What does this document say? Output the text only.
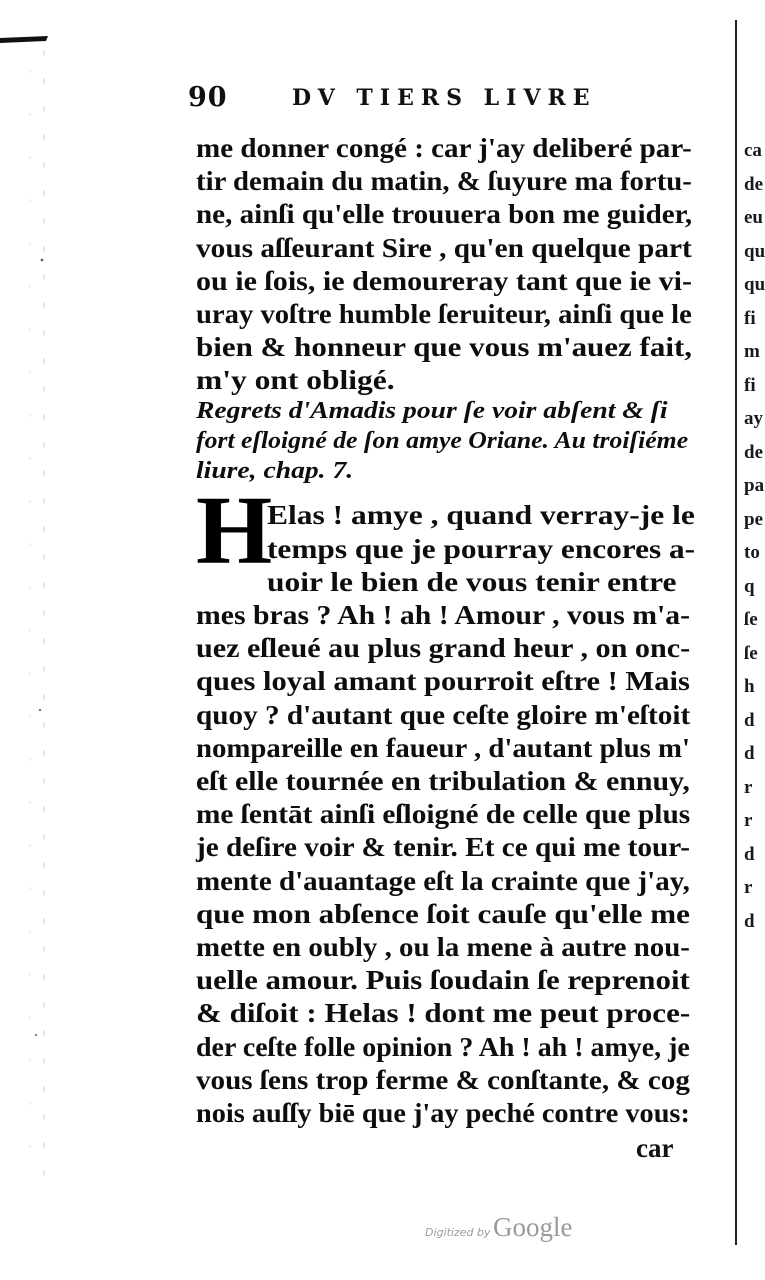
ca
de
eu
qu
qu
fi
m
fi
ay
de
pa
pe
to
q
ſe
ſe
h
d
d
r
r
d
r
d
90	DV TIERS LIVRE
me donner congé : car j'ay deliberé par-
tir demain du matin, & ſuyure ma fortu-
ne, ainſi qu'elle trouuera bon me guider,
vous aſſeurant Sire , qu'en quelque part
ou ie ſois, ie demoureray tant que ie vi-
uray voſtre humble ſeruiteur, ainſi que le
bien & honneur que vous m'auez fait,
m'y ont obligé.
Regrets d'Amadis pour ſe voir abſent & ſi
fort eſloigné de ſon amye Oriane. Au troiſiéme
liure, chap. 7.
H
Elas ! amye , quand verray-je le
temps que je pourray encores a-
uoir le bien de vous tenir entre
mes bras ? Ah ! ah ! Amour , vous m'a-
uez eſleué au plus grand heur , on onc-
ques loyal amant pourroit eſtre ! Mais
quoy ? d'autant que ceſte gloire m'eſtoit
nompareille en faueur , d'autant plus m'
eſt elle tournée en tribulation & ennuy,
me ſentāt ainſi eſloigné de celle que plus
je deſire voir & tenir. Et ce qui me tour-
mente d'auantage eſt la crainte que j'ay,
que mon abſence ſoit cauſe qu'elle me
mette en oubly , ou la mene à autre nou-
uelle amour. Puis ſoudain ſe reprenoit
& diſoit : Helas ! dont me peut proce-
der ceſte folle opinion ? Ah ! ah ! amye, je
vous ſens trop ferme & conſtante, & cog
nois auſſy biē que j'ay peché contre vous:
car
Digitized by Google
